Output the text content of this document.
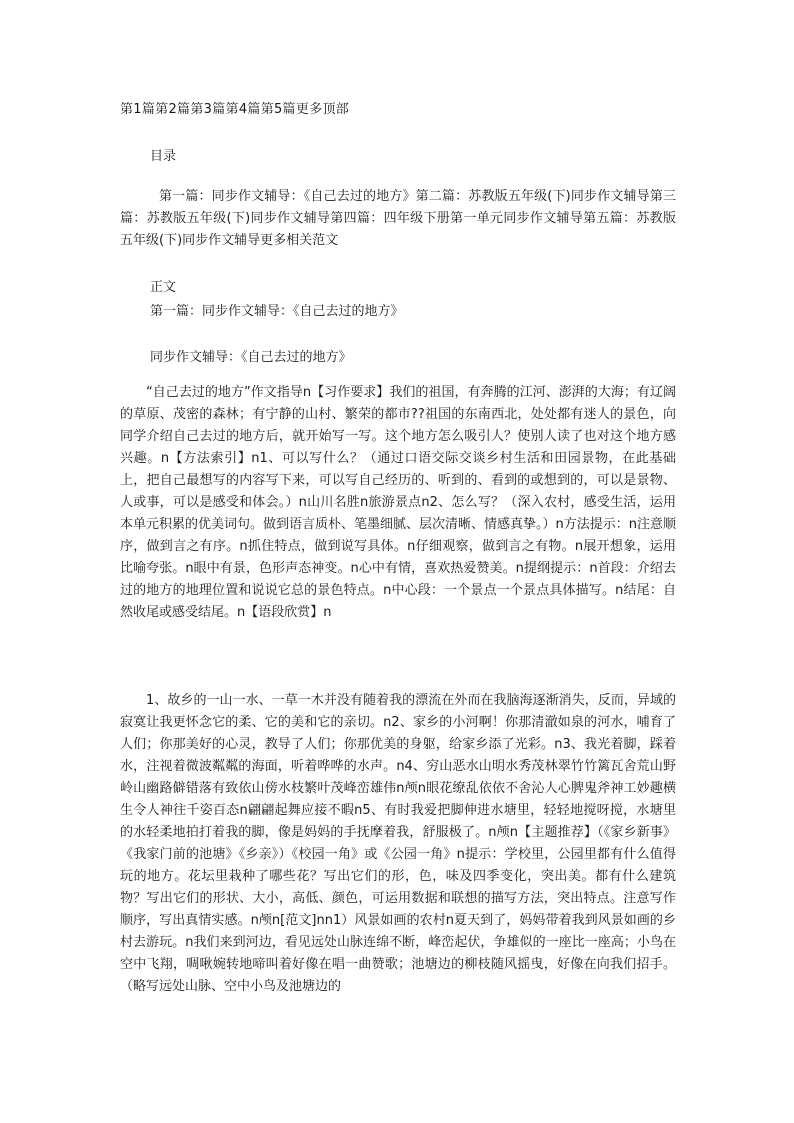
第1篇第2篇第3篇第4篇第5篇更多顶部
目录
第一篇：同步作文辅导：《自己去过的地方》第二篇：苏教版五年级(下)同步作文辅导第三篇：苏教版五年级(下)同步作文辅导第四篇：四年级下册第一单元同步作文辅导第五篇：苏教版五年级(下)同步作文辅导更多相关范文
正文
第一篇：同步作文辅导：《自己去过的地方》
同步作文辅导：《自己去过的地方》
“自己去过的地方”作文指导n【习作要求】我们的祖国，有奔腾的江河、澎湃的大海；有辽阔的草原、茂密的森林；有宁静的山村、繁荣的都市??祖国的东南西北，处处都有迷人的景色，向同学介绍自己去过的地方后，就开始写一写。这个地方怎么吸引人？使别人读了也对这个地方感兴趣。n【方法索引】n1、可以写什么？（通过口语交际交谈乡村生活和田园景物，在此基础上，把自己最想写的内容写下来，可以写自己经历的、听到的、看到的或想到的，可以是景物、人或事，可以是感受和体会。）n山川名胜n旅游景点n2、怎么写？（深入农村，感受生活，运用本单元积累的优美词句。做到语言质朴、笔墨细腻、层次清晰、情感真挚。）n方法提示：n注意顺序，做到言之有序。n抓住特点，做到说写具体。n仔细观察，做到言之有物。n展开想象，运用比喻夸张。n眼中有景，色形声态神变。n心中有情，喜欢热爱赞美。n提纲提示：n首段：介绍去过的地方的地理位置和说说它总的景色特点。n中心段：一个景点一个景点具体描写。n结尾：自然收尾或感受结尾。n【语段欣赏】n
1、故乡的一山一水、一草一木并没有随着我的漂流在外而在我脑海逐渐消失，反而，异域的寂寞让我更怀念它的柔、它的美和它的亲切。n2、家乡的小河啊！你那清澈如泉的河水，哺育了人们；你那美好的心灵，教导了人们；你那优美的身躯，给家乡添了光彩。n3、我光着脚，踩着水，注视着微波粼粼的海面，听着哗哗的水声。n4、穷山恶水山明水秀茂林翠竹竹篱瓦舍荒山野岭山幽路僻错落有致依山傍水枝繁叶茂峰峦雄伟n颅n眼花缭乱依依不舍沁人心脾鬼斧神工妙趣横生令人神往千姿百态n翩翩起舞应接不暇n5、有时我爱把脚伸进水塘里，轻轻地搅呀搅，水塘里的水轻柔地拍打着我的脚，像是妈妈的手抚摩着我，舒服极了。n颅n【主题推荐】（《家乡新事》《我家门前的池塘》《乡亲》）《校园一角》或《公园一角》n提示：学校里，公园里都有什么值得玩的地方。花坛里栽种了哪些花？写出它们的形，色，味及四季变化，突出美。都有什么建筑物？写出它们的形状、大小，高低、颜色，可运用数据和联想的描写方法，突出特点。注意写作顺序，写出真情实感。n颅n[范文]nn1）风景如画的农村n夏天到了，妈妈带着我到风景如画的乡村去游玩。n我们来到河边，看见远处山脉连绵不断，峰峦起伏，争雄似的一座比一座高；小鸟在空中飞翔，啁啾婉转地啼叫着好像在唱一曲赞歌；池塘边的柳枝随风摇曳，好像在向我们招手。（略写远处山脉、空中小鸟及池塘边的
